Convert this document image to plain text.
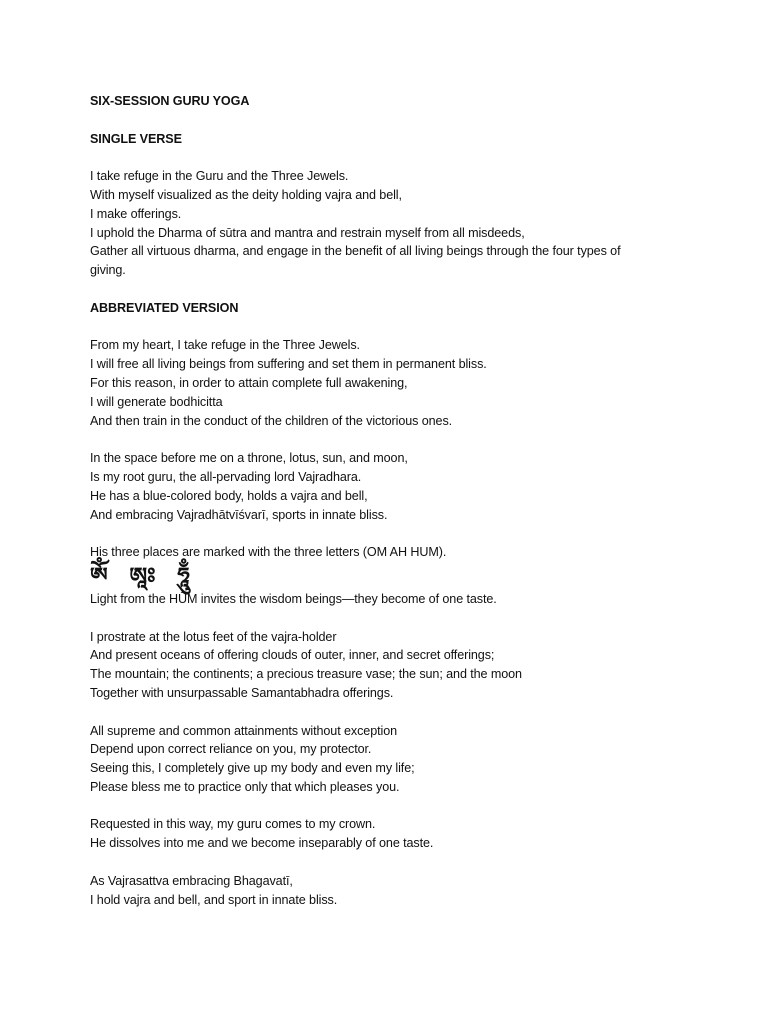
SIX-SESSION GURU YOGA
SINGLE VERSE
I take refuge in the Guru and the Three Jewels.
With myself visualized as the deity holding vajra and bell,
I make offerings.
I uphold the Dharma of sūtra and mantra and restrain myself from all misdeeds,
Gather all virtuous dharma, and engage in the benefit of all living beings through the four types of
giving.
ABBREVIATED VERSION
From my heart, I take refuge in the Three Jewels.
I will free all living beings from suffering and set them in permanent bliss.
For this reason, in order to attain complete full awakening,
I will generate bodhicitta
And then train in the conduct of the children of the victorious ones.
In the space before me on a throne, lotus, sun, and moon,
Is my root guru, the all-pervading lord Vajradhara.
He has a blue-colored body, holds a vajra and bell,
And embracing Vajradhātvīśvarī, sports in innate bliss.
His three places are marked with the three letters (OM AH HUM).
ཨོཾ ཨཱཿ ཧཱུྃ
Light from the HŪM invites the wisdom beings—they become of one taste.
I prostrate at the lotus feet of the vajra-holder
And present oceans of offering clouds of outer, inner, and secret offerings;
The mountain; the continents; a precious treasure vase; the sun; and the moon
Together with unsurpassable Samantabhadra offerings.
All supreme and common attainments without exception
Depend upon correct reliance on you, my protector.
Seeing this, I completely give up my body and even my life;
Please bless me to practice only that which pleases you.
Requested in this way, my guru comes to my crown.
He dissolves into me and we become inseparably of one taste.
As Vajrasattva embracing Bhagavatī,
I hold vajra and bell, and sport in innate bliss.
